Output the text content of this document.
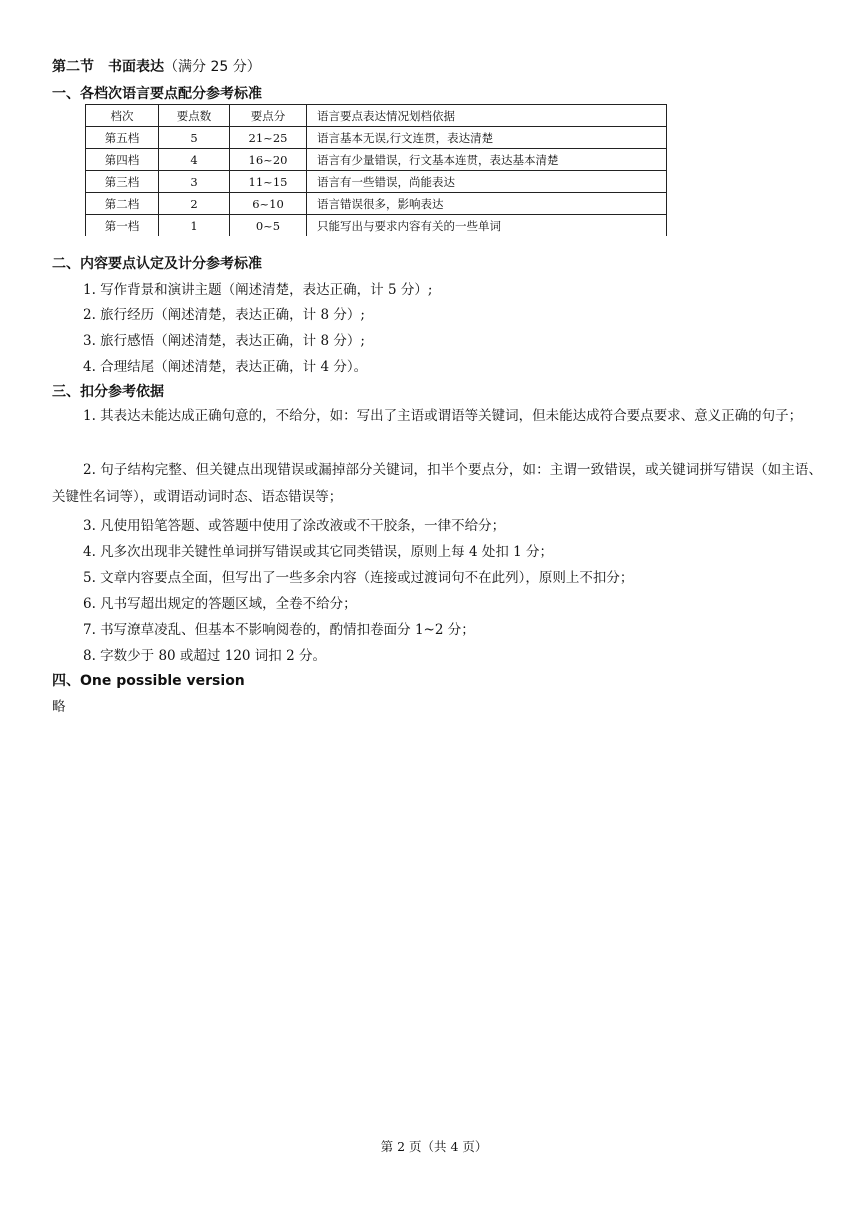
第二节　书面表达（满分 25 分）
一、各档次语言要点配分参考标准
档次	要点数	要点分	语言要点表达情况划档依据
第五档	5	21~25	语言基本无误,行文连贯，表达清楚
第四档	4	16~20	语言有少量错误，行文基本连贯，表达基本清楚
第三档	3	11~15	语言有一些错误，尚能表达
第二档	2	6~10	语言错误很多，影响表达
第一档	1	0~5	只能写出与要求内容有关的一些单词
二、内容要点认定及计分参考标准
1. 写作背景和演讲主题（阐述清楚，表达正确，计 5 分）;
2. 旅行经历（阐述清楚，表达正确，计 8 分）;
3. 旅行感悟（阐述清楚，表达正确，计 8 分）;
4. 合理结尾（阐述清楚，表达正确，计 4 分）。
三、扣分参考依据
1. 其表达未能达成正确句意的，不给分，如：写出了主语或谓语等关键词，但未能达成符合要点要求、意义正确的句子；
2. 句子结构完整、但关键点出现错误或漏掉部分关键词，扣半个要点分，如：主谓一致错误，或关键词拼写错误（如主语、关键性名词等），或谓语动词时态、语态错误等；
3. 凡使用铅笔答题、或答题中使用了涂改液或不干胶条，一律不给分；
4. 凡多次出现非关键性单词拼写错误或其它同类错误，原则上每 4 处扣 1 分；
5. 文章内容要点全面，但写出了一些多余内容（连接或过渡词句不在此列），原则上不扣分；
6. 凡书写超出规定的答题区域，全卷不给分；
7. 书写潦草凌乱、但基本不影响阅卷的，酌情扣卷面分 1~2 分；
8. 字数少于 80 或超过 120 词扣 2 分。
四、One possible version
略
第 2 页（共 4 页）
